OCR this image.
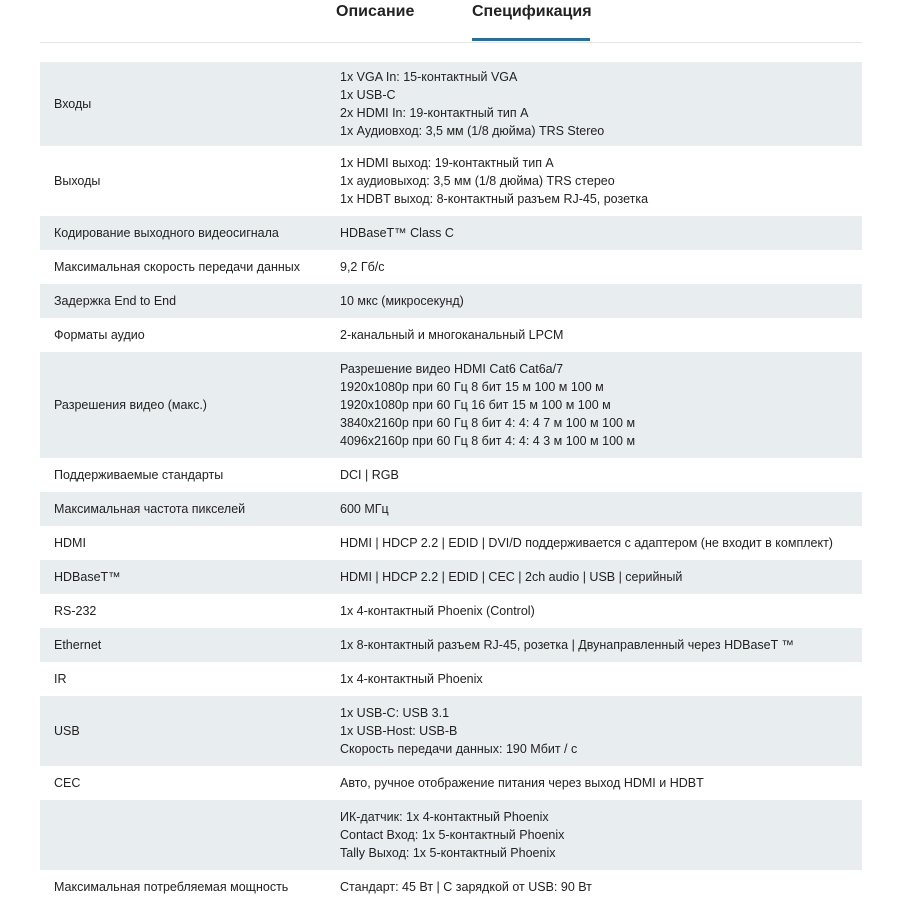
Описание	Спецификация
Входы	1x VGA In: 15-контактный VGA
1x USB-C
2x HDMI In: 19-контактный тип А
1x Аудиовход: 3,5 мм (1/8 дюйма) TRS Stereo

Выходы	1x HDMI выход: 19-контактный тип А
1x аудиовыход: 3,5 мм (1/8 дюйма) TRS стерео
1x HDBT выход: 8-контактный разъем RJ-45, розетка

Кодирование выходного видеосигнала	HDBaseT™ Class C

Максимальная скорость передачи данных	9,2 Гб/с

Задержка End to End	10 мкс (микросекунд)

Форматы аудио	2-канальный и многоканальный LPCM

Разрешения видео (макс.)	Разрешение видео HDMI Cat6 Cat6a/7
1920x1080p при 60 Гц 8 бит 15 м 100 м 100 м
1920x1080p при 60 Гц 16 бит 15 м 100 м 100 м
3840x2160p при 60 Гц 8 бит 4: 4: 4 7 м 100 м 100 м
4096x2160p при 60 Гц 8 бит 4: 4: 4 3 м 100 м 100 м

Поддерживаемые стандарты	DCI | RGB

Максимальная частота пикселей	600 МГц

HDMI	HDMI | HDCP 2.2 | EDID | DVI/D поддерживается с адаптером (не входит в комплект)

HDBaseT™	HDMI | HDCP 2.2 | EDID | CEC | 2ch audio | USB | серийный

RS-232	1x 4-контактный Phoenix (Control)

Ethernet	1x 8-контактный разъем RJ-45, розетка | Двунаправленный через HDBaseT ™

IR	1x 4-контактный Phoenix

USB	1x USB-C: USB 3.1
1x USB-Host: USB-B
Скорость передачи данных: 190 Мбит / с

CEC	Авто, ручное отображение питания через выход HDMI и HDBT

	ИК-датчик: 1x 4-контактный Phoenix
Contact Вход: 1x 5-контактный Phoenix
Tally Выход: 1x 5-контактный Phoenix

Максимальная потребляемая мощность	Стандарт: 45 Вт | С зарядкой от USB: 90 Вт
